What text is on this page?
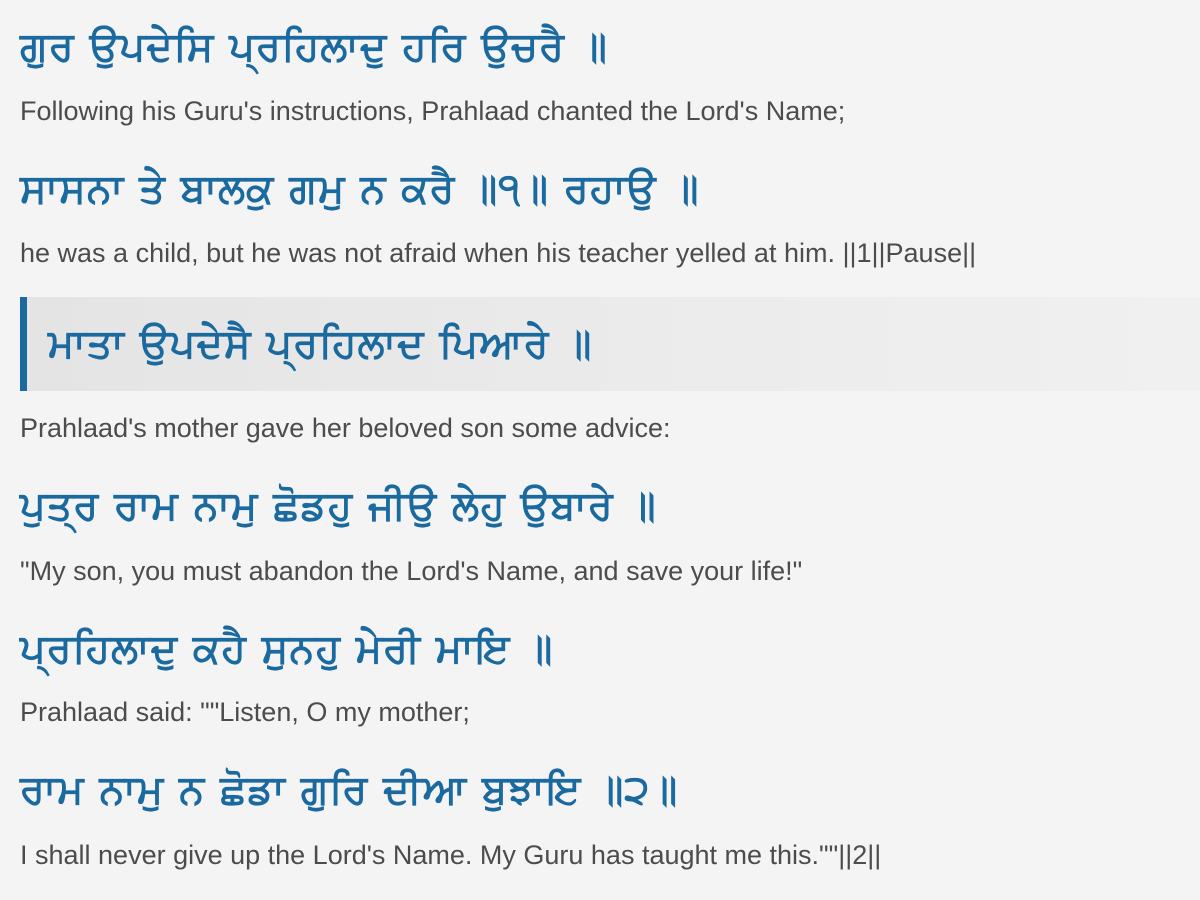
ਗੁਰ ਉਪਦੇਸਿ ਪ੍ਰਹਿਲਾਦੁ ਹਰਿ ਉਚਰੈ ॥
Following his Guru's instructions, Prahlaad chanted the Lord's Name;
ਸਾਸਨਾ ਤੇ ਬਾਲਕੁ ਗਮੁ ਨ ਕਰੈ ॥੧॥ ਰਹਾਉ ॥
he was a child, but he was not afraid when his teacher yelled at him. ||1||Pause||
ਮਾਤਾ ਉਪਦੇਸੈ ਪ੍ਰਹਿਲਾਦ ਪਿਆਰੇ ॥
Prahlaad's mother gave her beloved son some advice:
ਪੁਤ੍ਰ ਰਾਮ ਨਾਮੁ ਛੋਡਹੁ ਜੀਉ ਲੇਹੁ ਉਬਾਰੇ ॥
"My son, you must abandon the Lord's Name, and save your life!"
ਪ੍ਰਹਿਲਾਦੁ ਕਹੈ ਸੁਨਹੁ ਮੇਰੀ ਮਾਇ ॥
Prahlaad said: ""Listen, O my mother;
ਰਾਮ ਨਾਮੁ ਨ ਛੋਡਾ ਗੁਰਿ ਦੀਆ ਬੁਝਾਇ ॥੨॥
I shall never give up the Lord's Name. My Guru has taught me this.""||2||
